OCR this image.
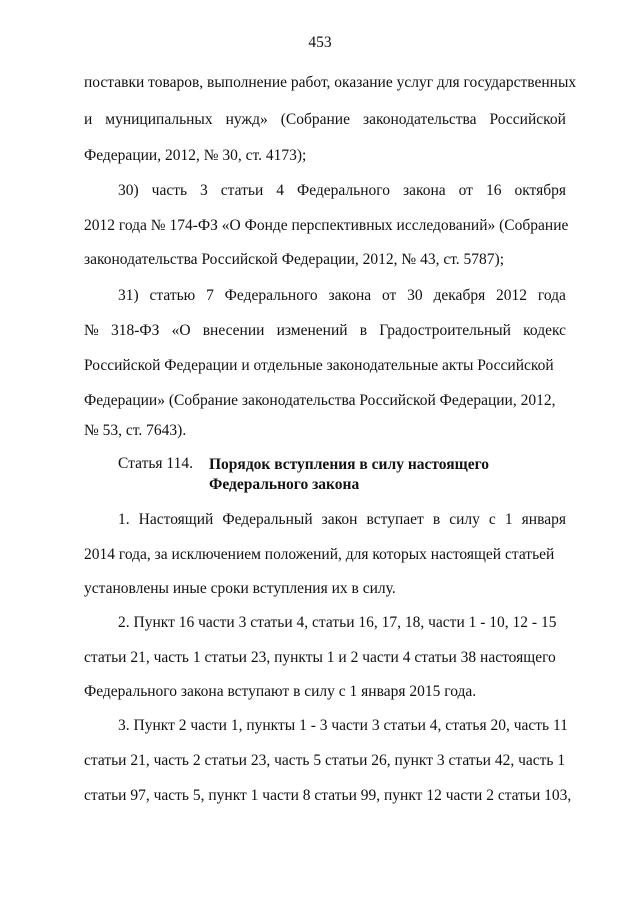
453
поставки товаров, выполнение работ, оказание услуг для государственных
и муниципальных нужд» (Собрание законодательства Российской
Федерации, 2012, № 30, ст. 4173);
30) часть 3 статьи 4 Федерального закона от 16 октября
2012 года № 174-ФЗ «О Фонде перспективных исследований» (Собрание
законодательства Российской Федерации, 2012, № 43, ст. 5787);
31) статью 7 Федерального закона от 30 декабря 2012 года
№ 318-ФЗ «О внесении изменений в Градостроительный кодекс
Российской Федерации и отдельные законодательные акты Российской
Федерации» (Собрание законодательства Российской Федерации, 2012,
№ 53, ст. 7643).
Статья 114. Порядок вступления в силу настоящего
Федерального закона
1. Настоящий Федеральный закон вступает в силу с 1 января
2014 года, за исключением положений, для которых настоящей статьей
установлены иные сроки вступления их в силу.
2. Пункт 16 части 3 статьи 4, статьи 16, 17, 18, части 1 - 10, 12 - 15
статьи 21, часть 1 статьи 23, пункты 1 и 2 части 4 статьи 38 настоящего
Федерального закона вступают в силу с 1 января 2015 года.
3. Пункт 2 части 1, пункты 1 - 3 части 3 статьи 4, статья 20, часть 11
статьи 21, часть 2 статьи 23, часть 5 статьи 26, пункт 3 статьи 42, часть 1
статьи 97, часть 5, пункт 1 части 8 статьи 99, пункт 12 части 2 статьи 103,
